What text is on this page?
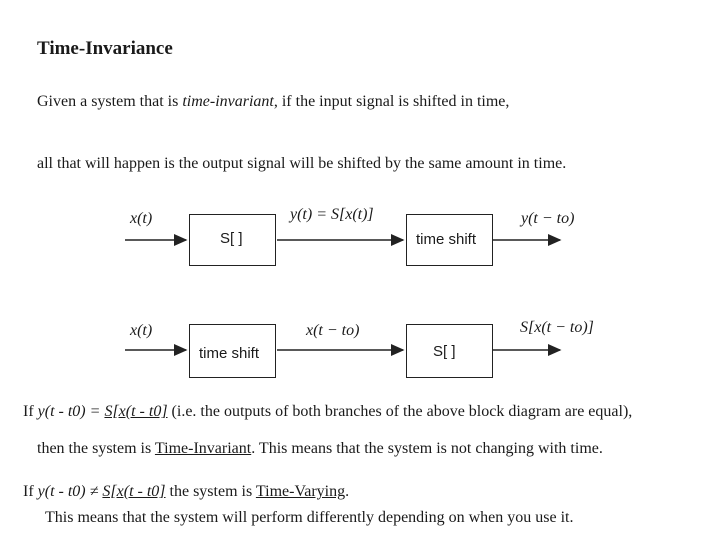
Time-Invariance
Given a system that is time-invariant, if the input signal is shifted in time,
all that will happen is the output signal will be shifted by the same amount in time.
S[ ]	time shift
x(t)	y(t) = S[x(t)]	y(t − to)
time shift	S[ ]
x(t)	x(t − to)	S[x(t − to)]
If y(t - t0) = S[x(t - t0] (i.e. the outputs of both branches of the above block diagram are equal),
then the system is Time-Invariant. This means that the system is not changing with time.
If y(t - t0) ≠ S[x(t - t0] the system is Time-Varying.
This means that the system will perform differently depending on when you use it.
